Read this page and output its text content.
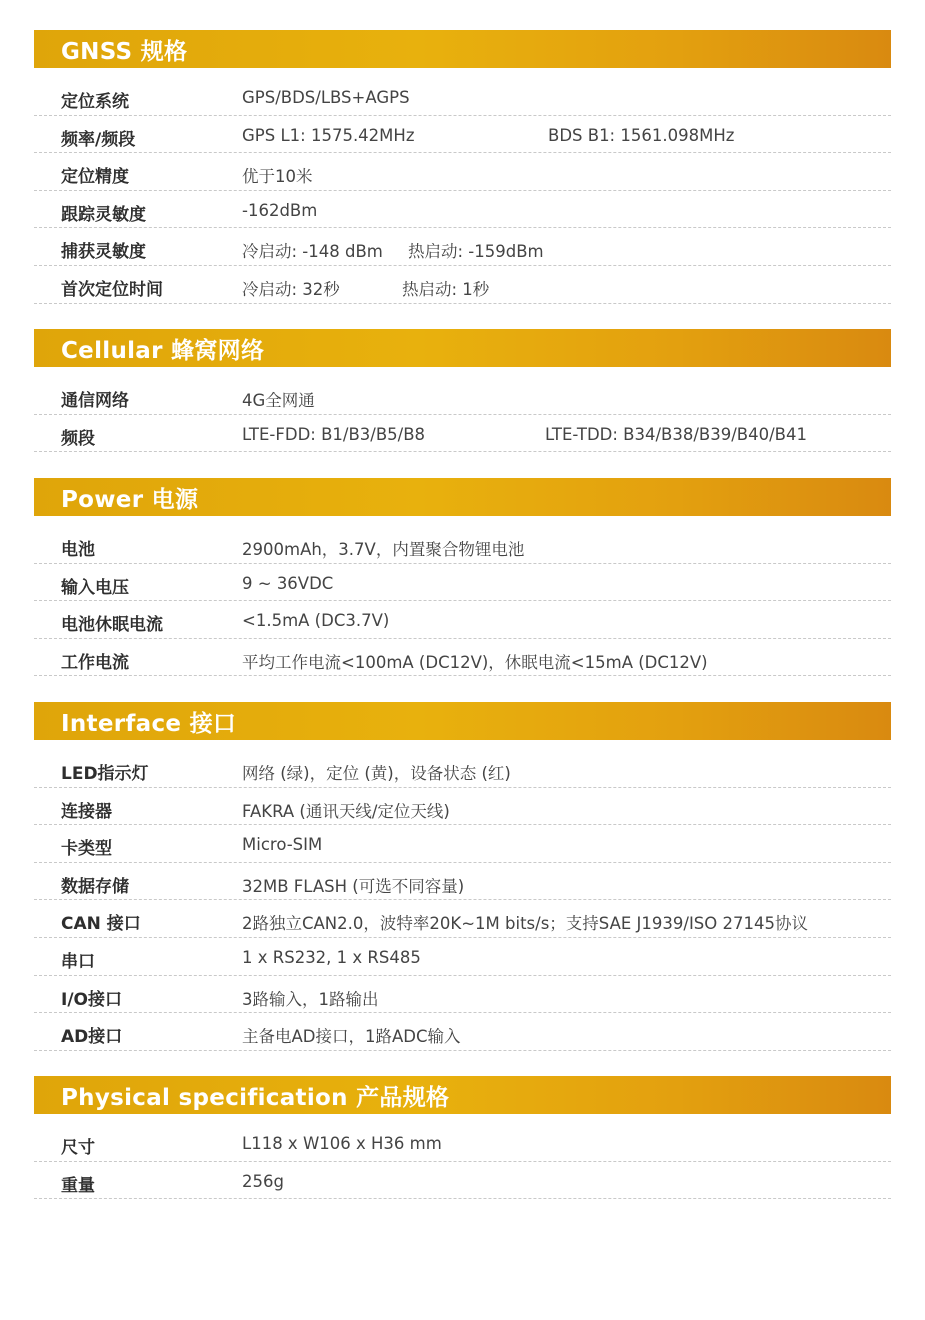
GNSS 规格
定位系统	GPS/BDS/LBS+AGPS
频率/频段	GPS L1: 1575.42MHz	BDS B1: 1561.098MHz
定位精度	优于10米
跟踪灵敏度	-162dBm
捕获灵敏度	冷启动: -148 dBm 热启动: -159dBm
首次定位时间	冷启动: 32秒	热启动: 1秒
Cellular 蜂窝网络
通信网络	4G全网通
频段	LTE-FDD: B1/B3/B5/B8	LTE-TDD: B34/B38/B39/B40/B41
Power 电源
电池	2900mAh，3.7V，内置聚合物锂电池
输入电压	9 ~ 36VDC
电池休眠电流	<1.5mA (DC3.7V)
工作电流	平均工作电流<100mA (DC12V)，休眠电流<15mA (DC12V)
Interface 接口
LED指示灯	网络 (绿)，定位 (黄)，设备状态 (红)
连接器	FAKRA (通讯天线/定位天线)
卡类型	Micro-SIM
数据存储	32MB FLASH (可选不同容量)
CAN 接口	2路独立CAN2.0，波特率20K~1M bits/s；支持SAE J1939/ISO 27145协议
串口	1 x RS232, 1 x RS485
I/O接口	3路输入，1路输出
AD接口	主备电AD接口，1路ADC输入
Physical specification 产品规格
尺寸	L118 x W106 x H36 mm
重量	256g
